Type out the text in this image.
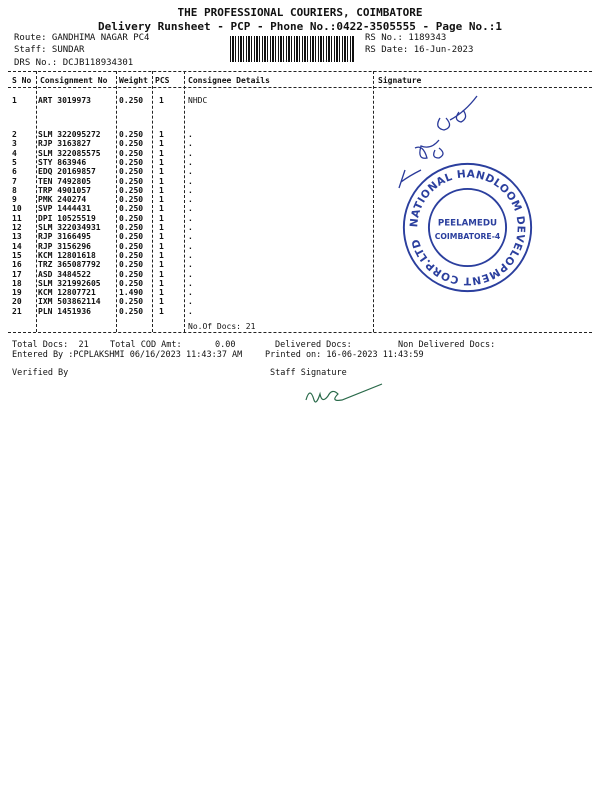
THE PROFESSIONAL COURIERS, COIMBATORE
Delivery Runsheet - PCP - Phone No.:0422-3505555 - Page No.:1
Route: GANDHIMA NAGAR PC4
Staff: SUNDAR
DRS No.: DCJB118934301
RS No.: 1189343
RS Date: 16-Jun-2023
S No Consignment No Weight PCS Consignee Details	Signature
1	ART 3019973	0.250 1	NHDC
2	SLM 322095272 0.250 1	.
3	RJP 3163827	0.250 1	.
4	SLM 322085575 0.250 1	.
5	STY 863946	0.250 1	.
6	EDQ 20169857	0.250 1	.
7	TEN 7492805	0.250 1	.
8	TRP 4901057	0.250 1	.
9	PMK 240274	0.250 1	.
10 SVP 1444431	0.250 1	.
11 DPI 10525519	0.250 1	.
12 SLM 322034931 0.250 1	.
13 RJP 3166495	0.250 1	.
14 RJP 3156296	0.250 1	.
15 KCM 12801618	0.250 1	.
16 TRZ 365087792 0.250 1	.
17 ASD 3484522	0.250 1	.
18 SLM 321992605 0.250 1	.
19 KCM 12807721	1.490 1	.
20 IXM 503862114 0.250 1	.
21 PLN 1451936	0.250 1	.
No.Of Docs: 21
Total Docs:  21 Total COD Amt:	0.00	Delivered Docs:	Non Delivered Docs:
Entered By :PCPLAKSHMI 06/16/2023 11:43:37 AM	Printed on: 16-06-2023 11:43:59
Verified By	Staff Signature
NATIONAL HANDLOOM DEVELOPMENT CORP.LTD
PEELAMEDU
COIMBATORE-4
